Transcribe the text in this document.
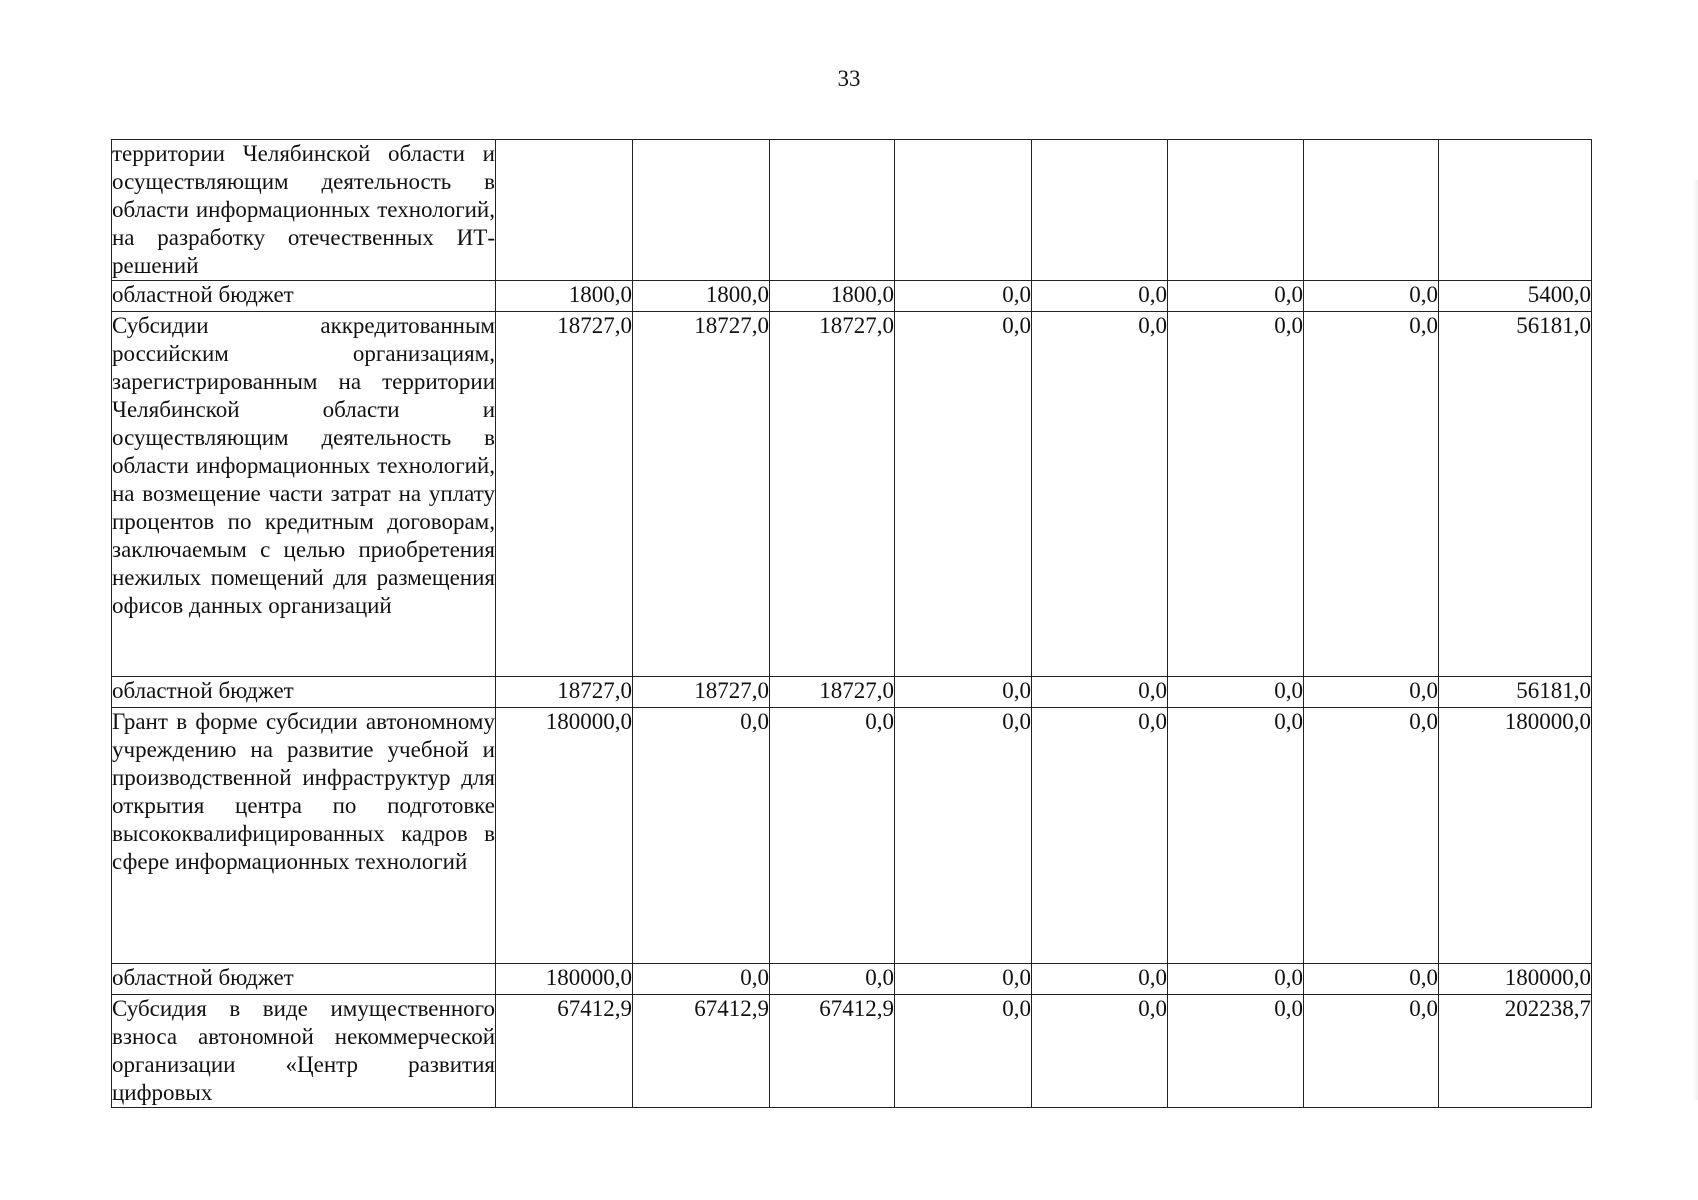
33
территории Челябинской области и осуществляющим деятельность в области информационных технологий, на разработку отечественных ИТ-решений								
областной бюджет	1800,0	1800,0	1800,0	0,0	0,0	0,0	0,0	5400,0
Субсидии аккредитованным российским организациям, зарегистрированным на территории Челябинской области и осуществляющим деятельность в области информационных технологий, на возмещение части затрат на уплату процентов по кредитным договорам, заключаемым с целью приобретения нежилых помещений для размещения офисов данных организаций	18727,0	18727,0	18727,0	0,0	0,0	0,0	0,0	56181,0
областной бюджет	18727,0	18727,0	18727,0	0,0	0,0	0,0	0,0	56181,0
Грант в форме субсидии автономному учреждению на развитие учебной и производственной инфраструктур для открытия центра по подготовке высококвалифицированных кадров в сфере информационных технологий	180000,0	0,0	0,0	0,0	0,0	0,0	0,0	180000,0
областной бюджет	180000,0	0,0	0,0	0,0	0,0	0,0	0,0	180000,0
Субсидия в виде имущественного взноса автономной некоммерческой организации «Центр развития цифровых	67412,9	67412,9	67412,9	0,0	0,0	0,0	0,0	202238,7
